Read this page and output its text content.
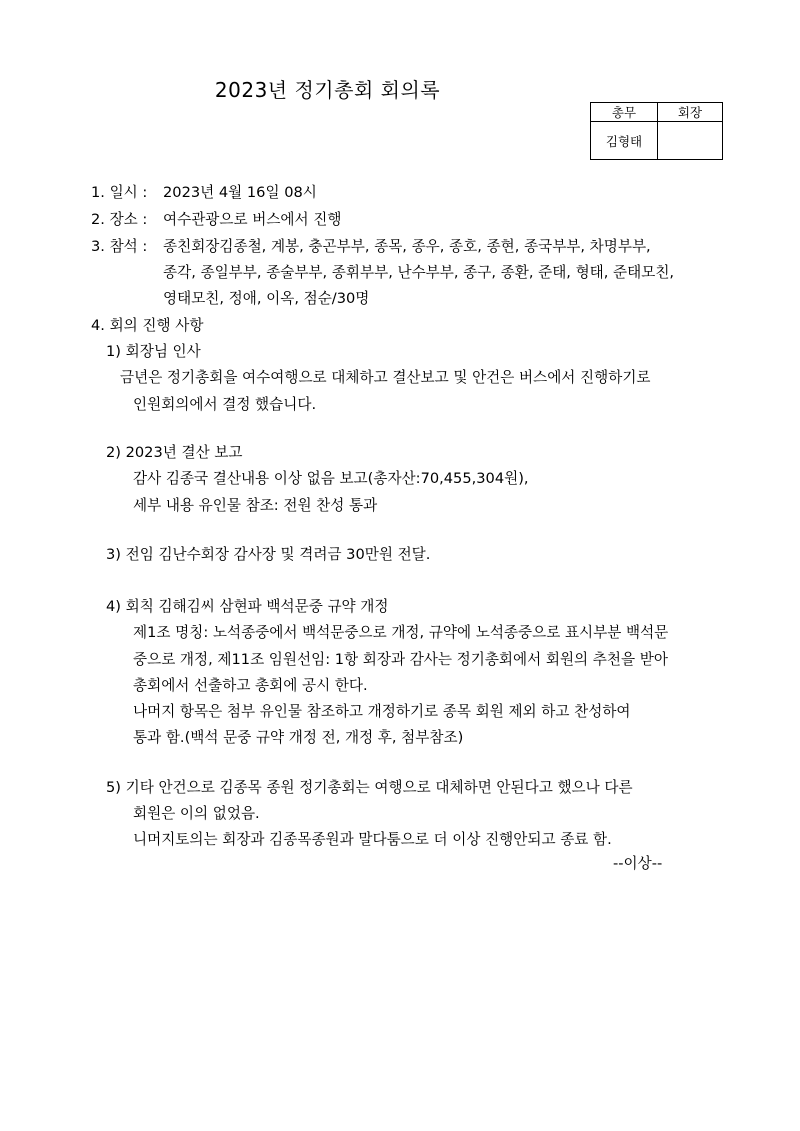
2023년 정기총회 회의록
총무	회장
김형태	
1. 일시 : 2023년 4월 16일 08시
2. 장소 : 여수관광으로 버스에서 진행
3. 참석 : 종친회장김종철, 계봉, 충곤부부, 종목, 종우, 종호, 종현, 종국부부, 차명부부,
종각, 종일부부, 종술부부, 종휘부부, 난수부부, 종구, 종환, 준태, 형태, 준태모친,
영태모친, 정애, 이옥, 점순/30명
4. 회의 진행 사항
1) 회장님 인사
금년은 정기총회을 여수여행으로 대체하고 결산보고 및 안건은 버스에서 진행하기로
인원회의에서 결정 했습니다.
2) 2023년 결산 보고
감사 김종국 결산내용 이상 없음 보고(총자산:70,455,304원),
세부 내용 유인물 참조: 전원 찬성 통과
3) 전임 김난수회장 감사장 및 격려금 30만원 전달.
4) 회칙 김해김씨 삼현파 백석문중 규약 개정
제1조 명칭: 노석종중에서 백석문중으로 개정, 규약에 노석종중으로 표시부분 백석문
중으로 개정, 제11조 임원선임: 1항 회장과 감사는 정기총회에서 회원의 추천을 받아
총회에서 선출하고 총회에 공시 한다.
나머지 항목은 첨부 유인물 참조하고 개정하기로 종목 회원 제외 하고 찬성하여
통과 함.(백석 문중 규약 개정 전, 개정 후, 첨부참조)
5) 기타 안건으로 김종목 종원 정기총회는 여행으로 대체하면 안된다고 했으나 다른
회원은 이의 없었음.
니머지토의는 회장과 김종목종원과 말다툼으로 더 이상 진행안되고 종료 함.
--이상--
